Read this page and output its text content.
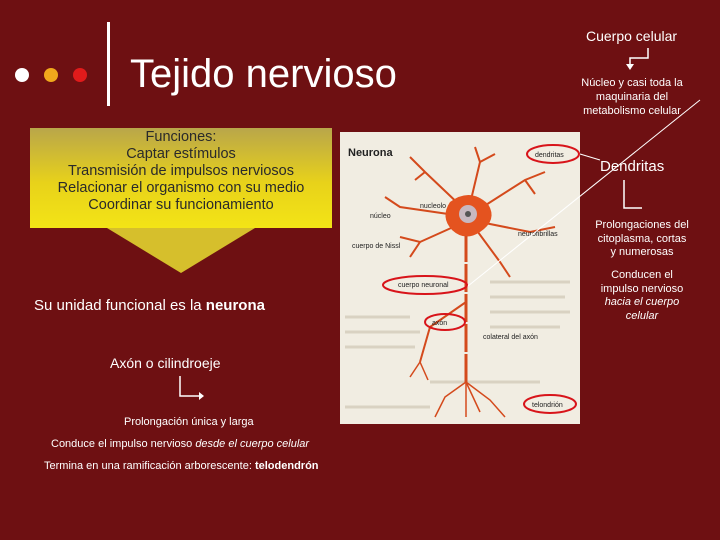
Tejido nervioso
Funciones:
Captar estímulos
Transmisión de impulsos nerviosos
Relacionar el organismo con su medio
Coordinar su funcionamiento
Su unidad funcional es la neurona
Axón o cilindroeje
Prolongación única y larga
Conduce el impulso nervioso desde el cuerpo celular
Termina en una ramificación arborescente: telodendrón
Cuerpo celular
Núcleo y casi toda la
maquinaria del
metabolismo celular
Dendritas
Prolongaciones del
citoplasma, cortas
y numerosas
Conducen el
impulso nervioso
hacia el cuerpo
celular
Neurona	dendritas
núcleo
nucleolo
neurofibrillas
cuerpo de Nissl
cuerpo neuronal
axón
colateral del axón
telondrión
